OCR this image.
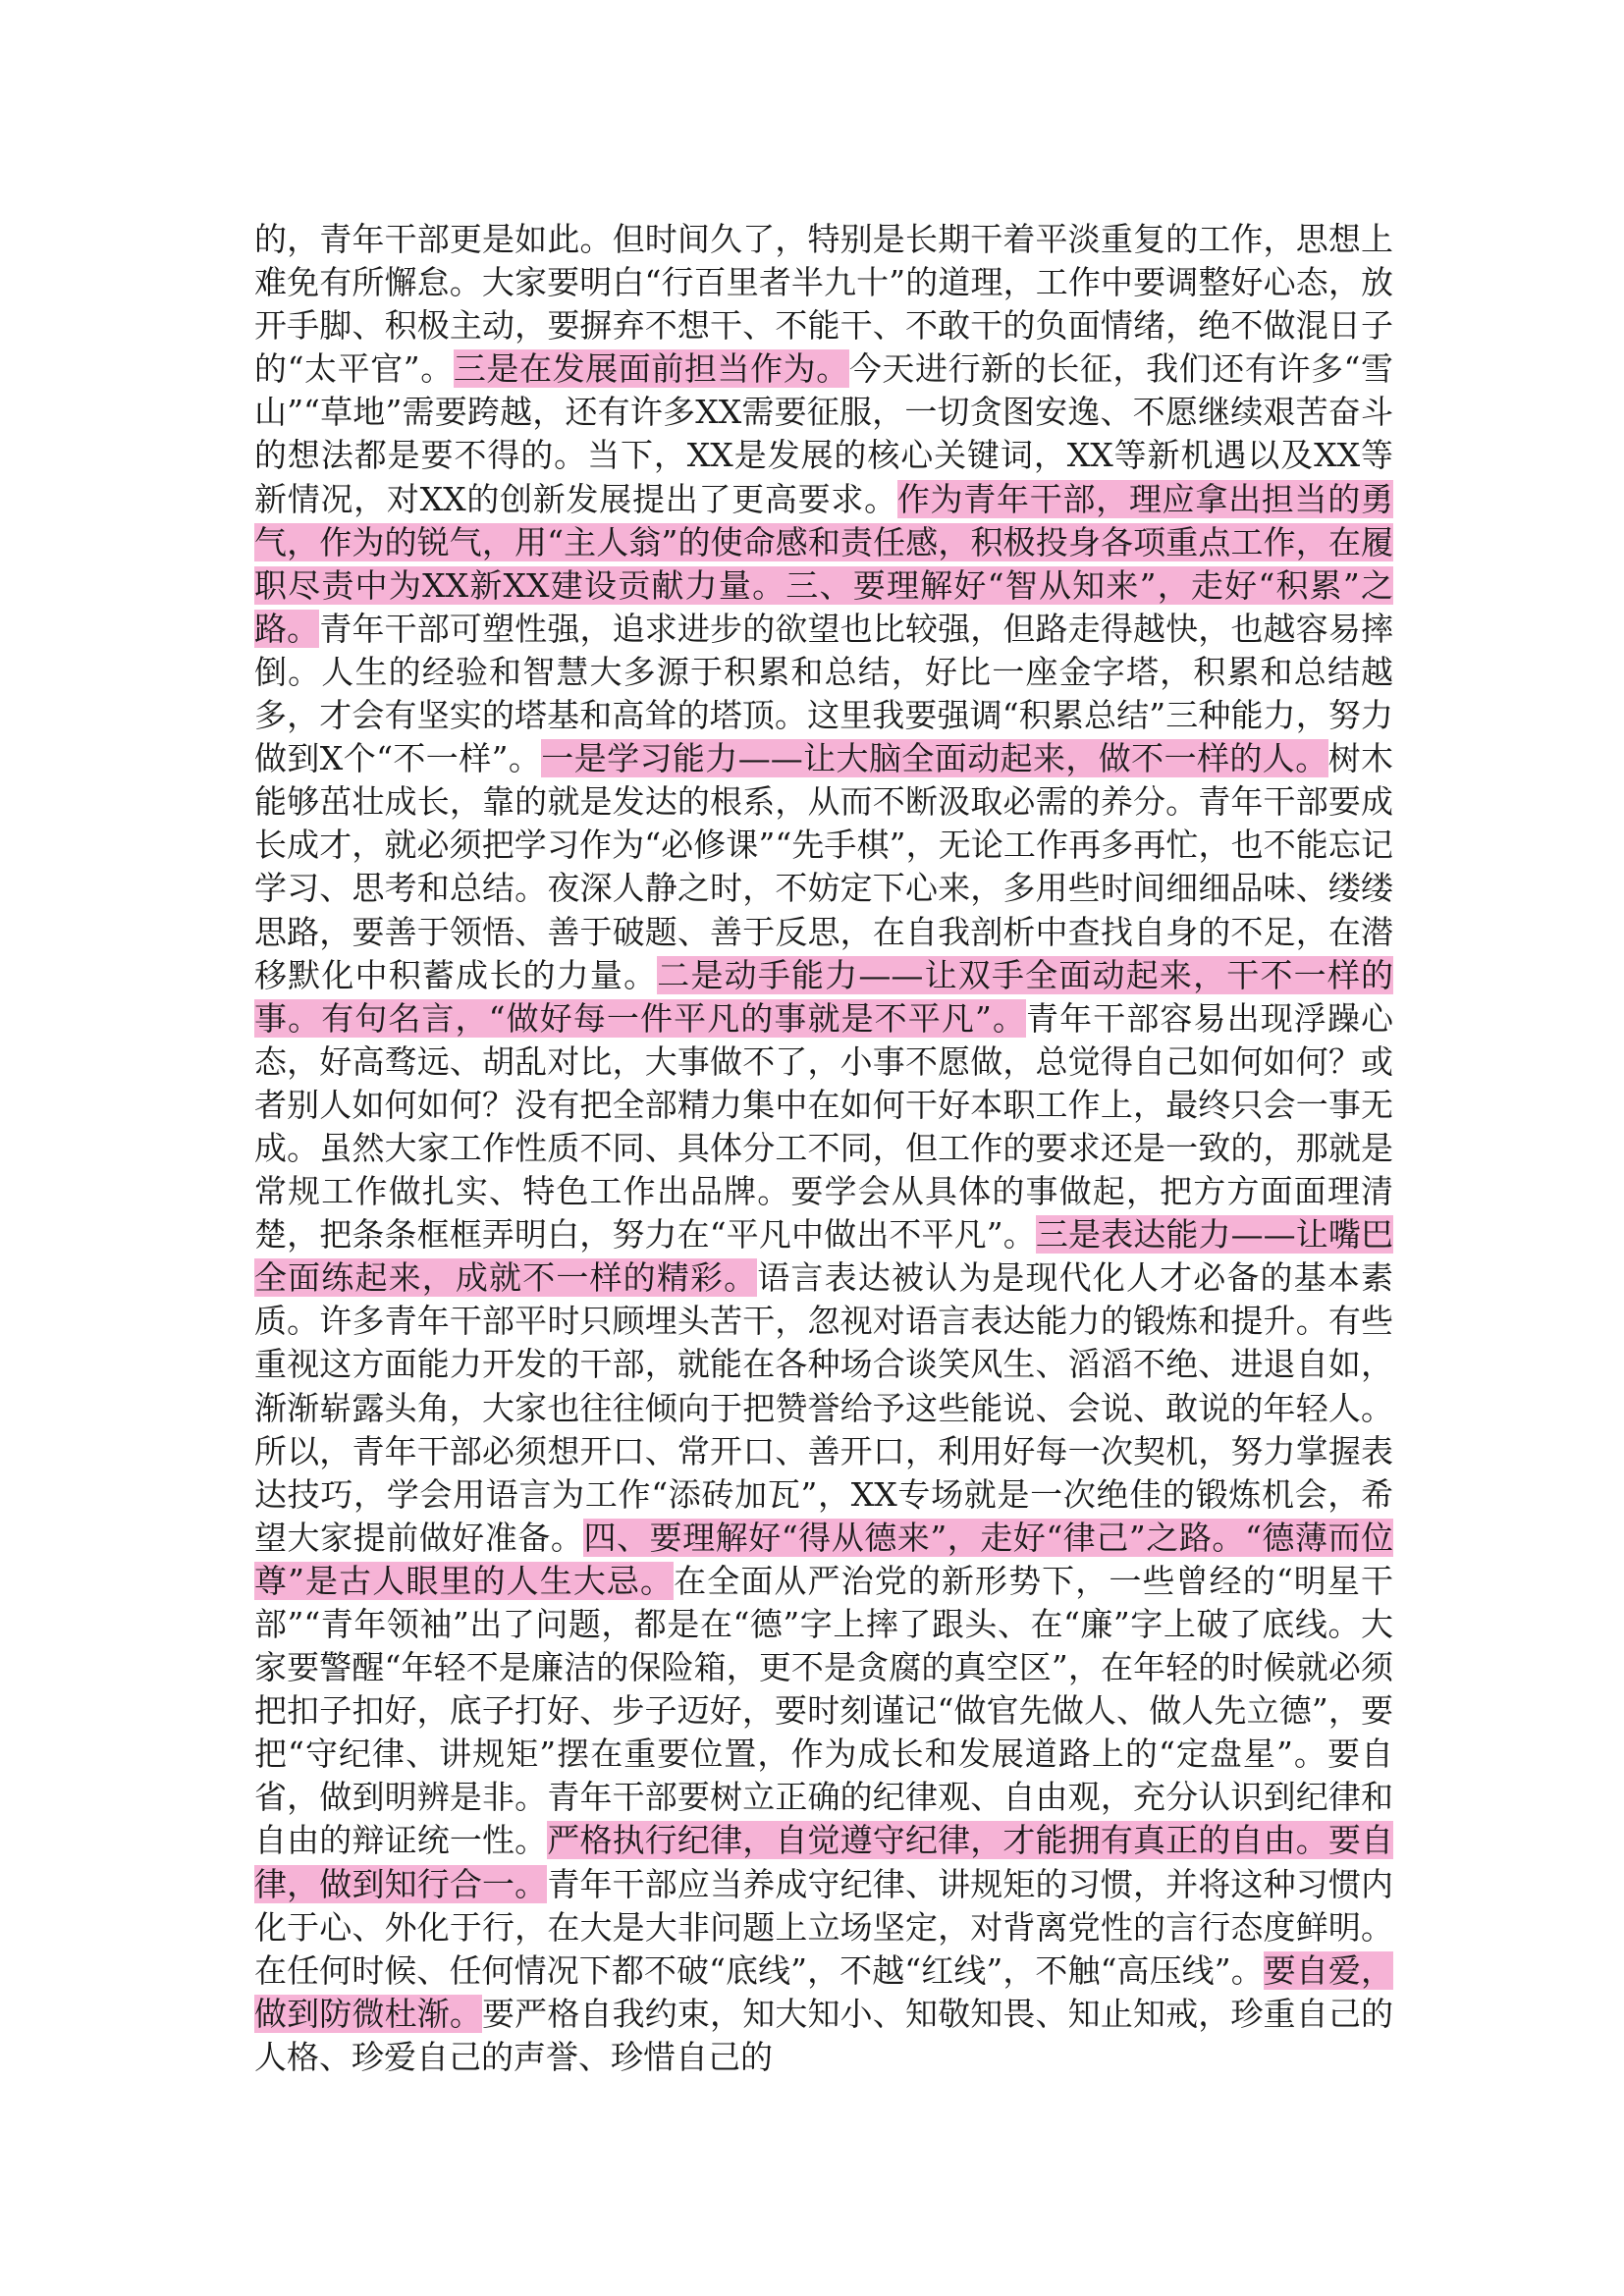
的，青年干部更是如此。但时间久了，特别是长期干着平淡重复的工作，思想上难免有所懈怠。大家要明白“行百里者半九十”的道理，工作中要调整好心态，放开手脚、积极主动，要摒弃不想干、不能干、不敢干的负面情绪，绝不做混日子的“太平官”。三是在发展面前担当作为。今天进行新的长征，我们还有许多“雪山”“草地”需要跨越，还有许多XX需要征服，一切贪图安逸、不愿继续艰苦奋斗的想法都是要不得的。当下，XX是发展的核心关键词，XX等新机遇以及XX等新情况，对XX的创新发展提出了更高要求。作为青年干部，理应拿出担当的勇气，作为的锐气，用“主人翁”的使命感和责任感，积极投身各项重点工作，在履职尽责中为XX新XX建设贡献力量。三、要理解好“智从知来”，走好“积累”之路。青年干部可塑性强，追求进步的欲望也比较强，但路走得越快，也越容易摔倒。人生的经验和智慧大多源于积累和总结，好比一座金字塔，积累和总结越多，才会有坚实的塔基和高耸的塔顶。这里我要强调“积累总结”三种能力，努力做到X个“不一样”。一是学习能力——让大脑全面动起来，做不一样的人。树木能够茁壮成长，靠的就是发达的根系，从而不断汲取必需的养分。青年干部要成长成才，就必须把学习作为“必修课”“先手棋”，无论工作再多再忙，也不能忘记学习、思考和总结。夜深人静之时，不妨定下心来，多用些时间细细品味、缕缕思路，要善于领悟、善于破题、善于反思，在自我剖析中查找自身的不足，在潜移默化中积蓄成长的力量。二是动手能力——让双手全面动起来，干不一样的事。有句名言，“做好每一件平凡的事就是不平凡”。青年干部容易出现浮躁心态，好高骛远、胡乱对比，大事做不了，小事不愿做，总觉得自己如何如何？或者别人如何如何？没有把全部精力集中在如何干好本职工作上，最终只会一事无成。虽然大家工作性质不同、具体分工不同，但工作的要求还是一致的，那就是常规工作做扎实、特色工作出品牌。要学会从具体的事做起，把方方面面理清楚，把条条框框弄明白，努力在“平凡中做出不平凡”。三是表达能力——让嘴巴全面练起来，成就不一样的精彩。语言表达被认为是现代化人才必备的基本素质。许多青年干部平时只顾埋头苦干，忽视对语言表达能力的锻炼和提升。有些重视这方面能力开发的干部，就能在各种场合谈笑风生、滔滔不绝、进退自如，渐渐崭露头角，大家也往往倾向于把赞誉给予这些能说、会说、敢说的年轻人。所以，青年干部必须想开口、常开口、善开口，利用好每一次契机，努力掌握表达技巧，学会用语言为工作“添砖加瓦”，XX专场就是一次绝佳的锻炼机会，希望大家提前做好准备。四、要理解好“得从德来”，走好“律己”之路。“德薄而位尊”是古人眼里的人生大忌。在全面从严治党的新形势下，一些曾经的“明星干部”“青年领袖”出了问题，都是在“德”字上摔了跟头、在“廉”字上破了底线。大家要警醒“年轻不是廉洁的保险箱，更不是贪腐的真空区”，在年轻的时候就必须把扣子扣好，底子打好、步子迈好，要时刻谨记“做官先做人、做人先立德”，要把“守纪律、讲规矩”摆在重要位置，作为成长和发展道路上的“定盘星”。要自省，做到明辨是非。青年干部要树立正确的纪律观、自由观，充分认识到纪律和自由的辩证统一性。严格执行纪律，自觉遵守纪律，才能拥有真正的自由。要自律，做到知行合一。青年干部应当养成守纪律、讲规矩的习惯，并将这种习惯内化于心、外化于行，在大是大非问题上立场坚定，对背离党性的言行态度鲜明。在任何时候、任何情况下都不破“底线”，不越“红线”，不触“高压线”。要自爱，做到防微杜渐。要严格自我约束，知大知小、知敬知畏、知止知戒，珍重自己的人格、珍爱自己的声誉、珍惜自己的
